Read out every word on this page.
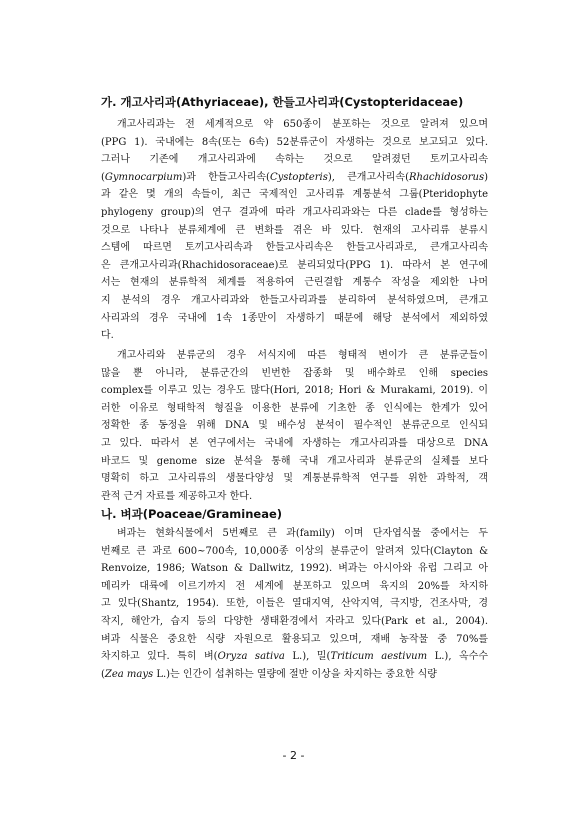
가. 개고사리과(Athyriaceae), 한들고사리과(Cystopteridaceae)
개고사리과는 전 세계적으로 약 650종이 분포하는 것으로 알려져 있으며
(PPG 1). 국내에는 8속(또는 6속) 52분류군이 자생하는 것으로 보고되고 있다.
그러나 기존에 개고사리과에 속하는 것으로 알려졌던 토끼고사리속
(Gymnocarpium)과 한들고사리속(Cystopteris), 큰개고사리속(Rhachidosorus)
과 같은 몇 개의 속들이, 최근 국제적인 고사리류 계통분석 그룹(Pteridophyte
phylogeny group)의 연구 결과에 따라 개고사리과와는 다른 clade를 형성하는
것으로 나타나 분류체계에 큰 변화를 겪은 바 있다. 현재의 고사리류 분류시
스템에 따르면 토끼고사리속과 한들고사리속은 한들고사리과로, 큰개고사리속
은 큰개고사리과(Rhachidosoraceae)로 분리되었다(PPG 1). 따라서 본 연구에
서는 현재의 분류학적 체계를 적용하여 근린결합 계통수 작성을 제외한 나머
지 분석의 경우 개고사리과와 한들고사리과를 분리하여 분석하였으며, 큰개고
사리과의 경우 국내에 1속 1종만이 자생하기 때문에 해당 분석에서 제외하였
다.
개고사리와 분류군의 경우 서식지에 따른 형태적 변이가 큰 분류군들이
많을 뿐 아니라, 분류군간의 빈번한 잡종화 및 배수화로 인해 species
complex를 이루고 있는 경우도 많다(Hori, 2018; Hori & Murakami, 2019). 이
러한 이유로 형태학적 형질을 이용한 분류에 기초한 종 인식에는 한계가 있어
정확한 종 동정을 위해 DNA 및 배수성 분석이 필수적인 분류군으로 인식되
고 있다. 따라서 본 연구에서는 국내에 자생하는 개고사리과를 대상으로 DNA
바코드 및 genome size 분석을 통해 국내 개고사리과 분류군의 실체를 보다
명확히 하고 고사리류의 생물다양성 및 계통분류학적 연구를 위한 과학적, 객
관적 근거 자료를 제공하고자 한다.
나. 벼과(Poaceae/Gramineae)
벼과는 현화식물에서 5번째로 큰 과(family) 이며 단자엽식물 중에서는 두
번째로 큰 과로 600~700속, 10,000종 이상의 분류군이 알려져 있다(Clayton &
Renvoize, 1986; Watson & Dallwitz, 1992). 벼과는 아시아와 유럽 그리고 아
메리카 대륙에 이르기까지 전 세계에 분포하고 있으며 육지의 20%를 차지하
고 있다(Shantz, 1954). 또한, 이들은 열대지역, 산악지역, 극지방, 건조사막, 경
작지, 해안가, 습지 등의 다양한 생태환경에서 자라고 있다(Park et al., 2004).
벼과 식물은 중요한 식량 자원으로 활용되고 있으며, 재배 농작물 중 70%를
차지하고 있다. 특히 벼(Oryza sativa L.), 밀(Triticum aestivum L.), 옥수수
(Zea mays L.)는 인간이 섭취하는 열량에 절반 이상을 차지하는 중요한 식량
- 2 -
